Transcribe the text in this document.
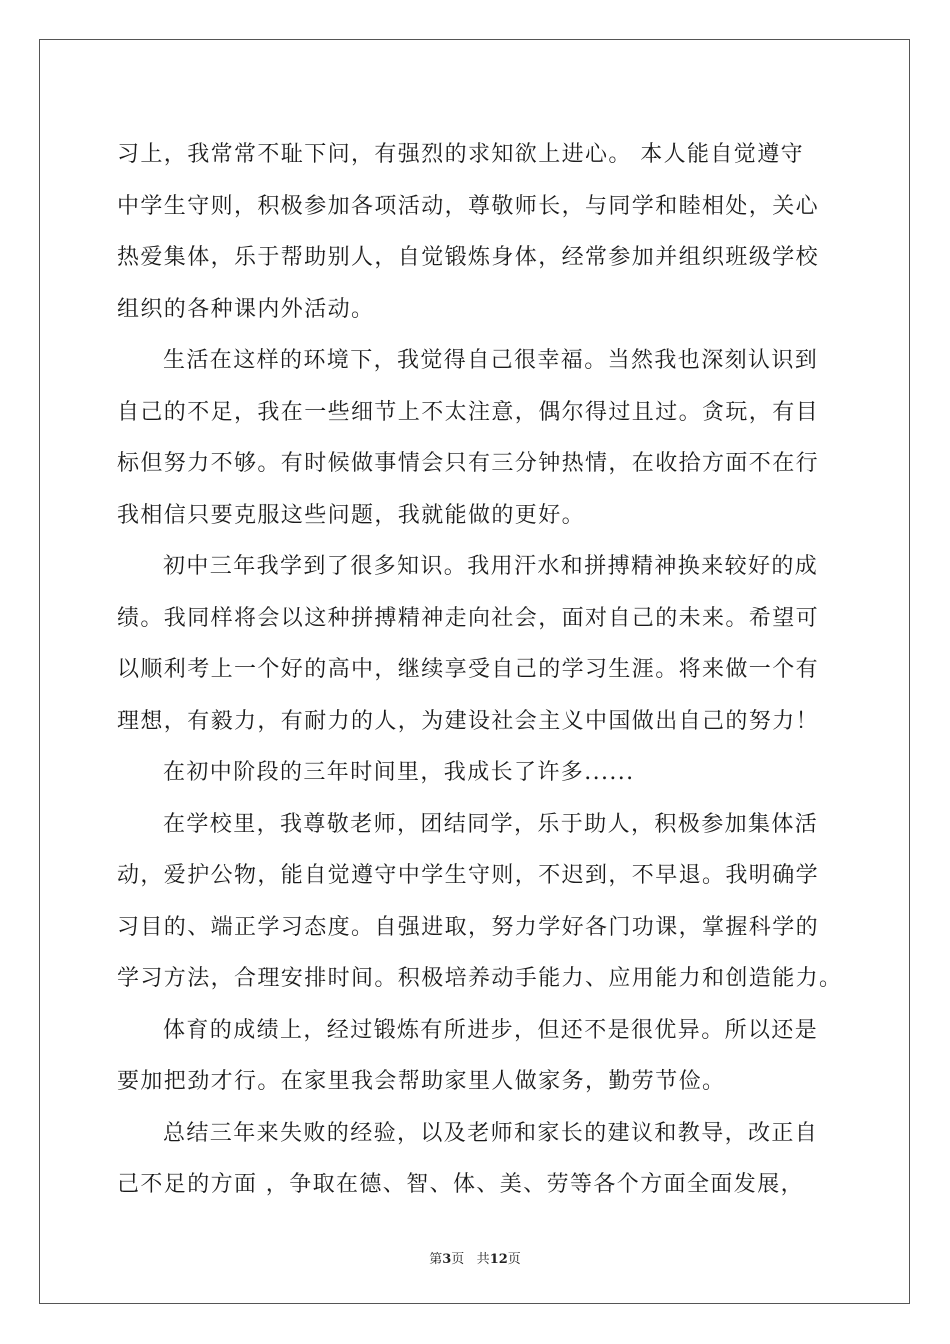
习上，我常常不耻下问，有强烈的求知欲上进心。 本人能自觉遵守
中学生守则，积极参加各项活动，尊敬师长，与同学和睦相处，关心
热爱集体，乐于帮助别人，自觉锻炼身体，经常参加并组织班级学校
组织的各种课内外活动。
生活在这样的环境下，我觉得自己很幸福。当然我也深刻认识到
自己的不足，我在一些细节上不太注意，偶尔得过且过。贪玩，有目
标但努力不够。有时候做事情会只有三分钟热情，在收拾方面不在行
我相信只要克服这些问题，我就能做的更好。
初中三年我学到了很多知识。我用汗水和拼搏精神换来较好的成
绩。我同样将会以这种拼搏精神走向社会，面对自己的未来。希望可
以顺利考上一个好的高中，继续享受自己的学习生涯。将来做一个有
理想，有毅力，有耐力的人，为建设社会主义中国做出自己的努力！
在初中阶段的三年时间里，我成长了许多......
在学校里，我尊敬老师，团结同学，乐于助人，积极参加集体活
动，爱护公物，能自觉遵守中学生守则，不迟到，不早退。我明确学
习目的、端正学习态度。自强进取，努力学好各门功课，掌握科学的
学习方法，合理安排时间。积极培养动手能力、应用能力和创造能力。
体育的成绩上，经过锻炼有所进步，但还不是很优异。所以还是
要加把劲才行。在家里我会帮助家里人做家务，勤劳节俭。
总结三年来失败的经验，以及老师和家长的建议和教导，改正自
己不足的方面 ，争取在德、智、体、美、劳等各个方面全面发展，
第3页 共12页
